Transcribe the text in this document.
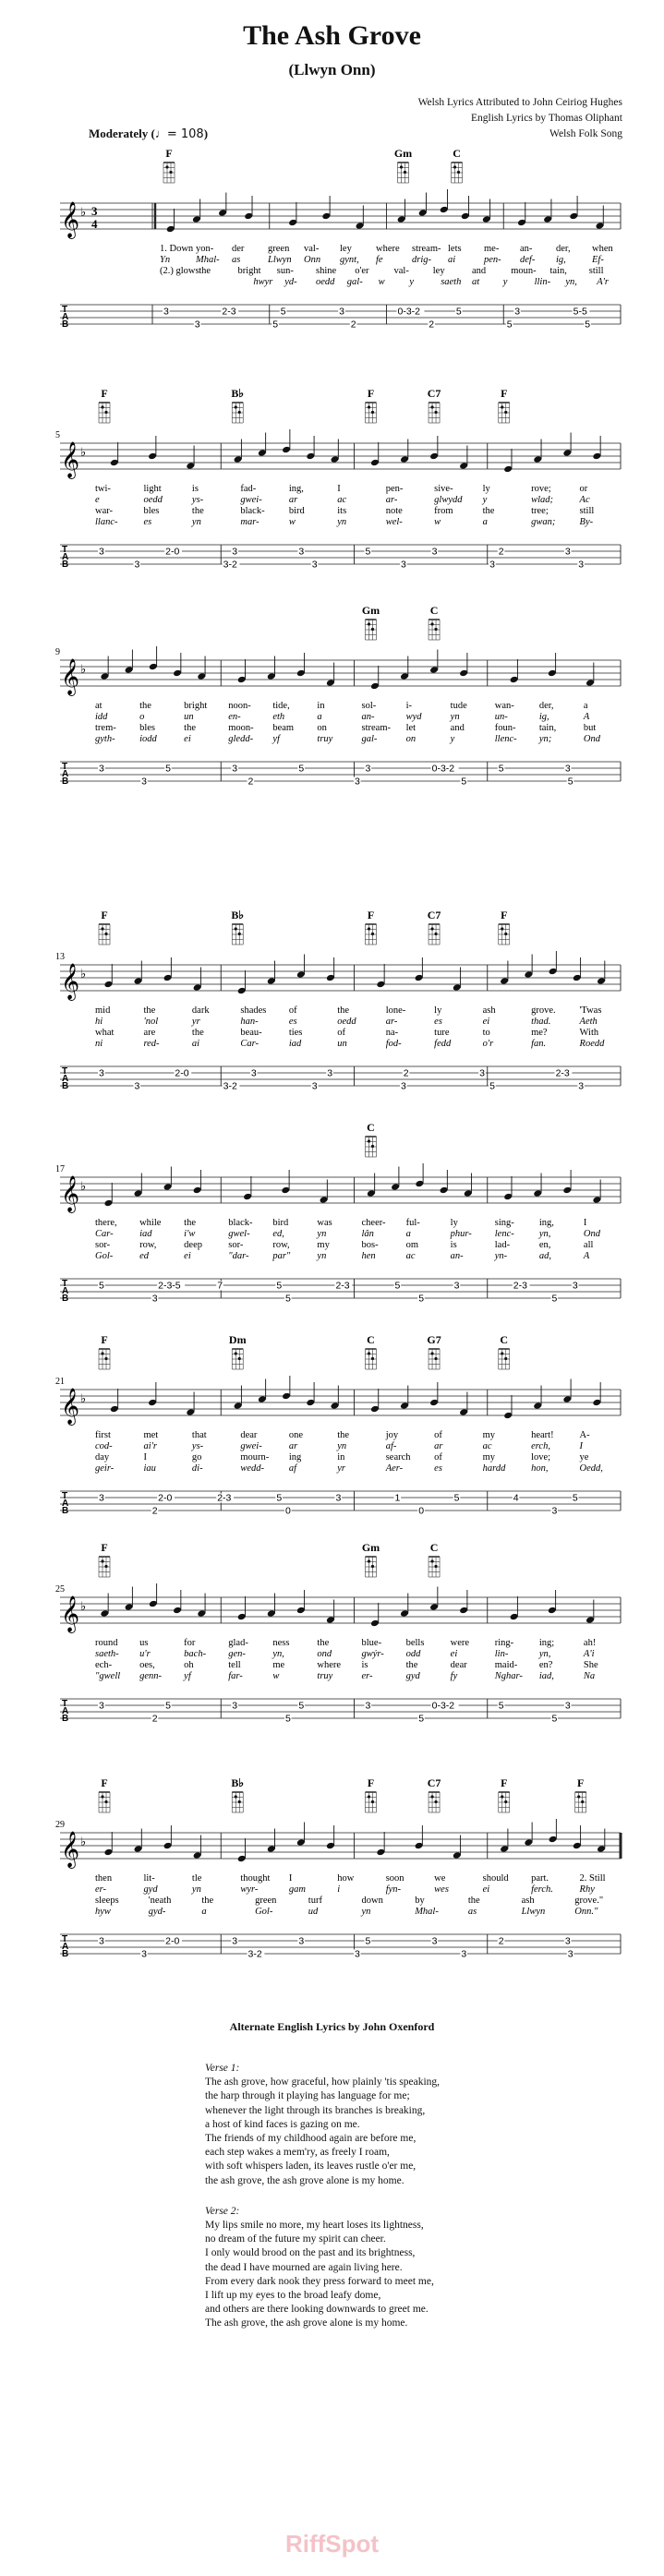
The Ash Grove
(Llwyn Onn)
Welsh Lyrics Attributed to John Ceiriog Hughes
English Lyrics by Thomas Oliphant
Welsh Folk Song
Moderately (♩= 108)
F	Gm	C
𝄞 ♭ 3
4
1. Down yon- der green val- ley where stream- lets me- an- der, when
Yn	Mhal- as	Llwyn Onn gynt, fe	drig- ai	pen- def- ig,	Ef-
(2.) glows the	bright sun- shine o'er	val- ley	and	moun- tain, still
hwyr yd- oedd gal- w	y	saeth at y	llin- yn, A'r
T
A
B
3	2-3	5	3	0-3-2	5	3	5-5
3	5	2	2	5	5
5
F	B♭	F	C7	F
𝄞 ♭
twi-	light	is	fad-	ing,	I	pen-	sive-	ly	rove;	or
e	oedd	ys-	gwei-	ar	ac	ar-	glwydd y	wlad;	Ac
war-	bles	the	black- bird	its	note	from	the	tree;	still
llanc-	es	yn	mar-	w	yn	wel-	w	a	gwan; By-
T
A
B
3	2-0	3	3	5	3	2	3
3	3-2	3	3	3	3
9
Gm	C
𝄞 ♭
at	the	bright noon- tide,	in	sol-	i-	tude	wan-	der,	a
idd	o	un	en-	eth	a	an-	wyd	yn	un-	ig,	A
trem- bles	the	moon- beam on	stream- let	and	foun- tain,	but
gyth-	iodd	ei	gledd- yf	truy	gal-	on	y	llenc- yn;	Ond
T
A
B
3	5	3	5	3	0-3-2	5	3
3	2	3	5	5
13
F	B♭	F	C7	F
𝄞 ♭
mid	the	dark	shades of	the	lone-	ly	ash	grove. 'Twas
hi	'nol	yr	han-	es	oedd	ar-	es	ei	thad.	Aeth
what	are	the	beau-	ties	of	na-	ture	to	me?	With
ni	red-	ai	Car-	iad	un	fod-	fedd	o'r	fan.	Roedd
T
A
B
3	2-0	3	3	2	3	2-3
3	3-2	3	3	5	3
17
C
𝄞 ♭
there, while the	black- bird	was	cheer- ful-	ly	sing-	ing,	I
Car-	iad	i'w	gwel- ed,	yn	lân	a	phur- lenc-	yn,	Ond
sor-	row,	deep	sor-	row,	my	bos-	om	is	lad-	en,	all
Gol-	ed	ei	"dar- par"	yn	hen	ac	an-	yn-	ad,	A
T
A
B
5	2-3-5	7	5	2-3	5	3	2-3	3
3	5	5	5
21
F	Dm	C	G7	C
𝄞 ♭
first	met	that	dear	one	the	joy	of	my	heart!	A-
cod-	ai'r	ys-	gwei-	ar	yn	af-	ar	ac	erch,	I
day	I	go	mourn- ing	in	search of	my	love;	ye
geir-	iau	di-	wedd-	af	yr	Aer-	es	hardd	hon,	Oedd,
T
A
B
3	2-0	2-3	5	3	1	5	4	5
2	0	0	3
25
F	Gm	C
𝄞 ♭
round us	for	glad-	ness	the	blue-	bells	were	ring-	ing;	ah!
saeth- u'r	bach- gen-	yn,	ond	gwýr- odd	ei	lin-	yn,	A'i
ech-	oes,	oh	tell	me	where is	the	dear	maid- en?	She
"gwell genn- yf	far-	w	truy	er-	gyd	fy	Nghar- iad,	Na
T
A
B
3	5	3	5	3	0-3-2	5	3
2	5	5	5
29
F	B♭	F	C7	F	F
𝄞 ♭
then	lit-	tle	thought I	how	soon	we	should part.	2. Still
er-	gyd	yn	wyr-	gam	i	fyn-	wes	ei	ferch.	Rhy
sleeps	'neath	the	green	turf	down	by	the	ash	grove."
hyw	gyd-	a	Gol-	ud	yn	Mhal-	as	Llwyn	Onn."
T
A
B
3	2-0	3	3	5	3	2	3
3	3-2	3	3	3
Alternate English Lyrics by John Oxenford
Verse 1:
The ash grove, how graceful, how plainly 'tis speaking,
the harp through it playing has language for me;
whenever the light through its branches is breaking,
a host of kind faces is gazing on me.
The friends of my childhood again are before me,
each step wakes a mem'ry, as freely I roam,
with soft whispers laden, its leaves rustle o'er me,
the ash grove, the ash grove alone is my home.
Verse 2:
My lips smile no more, my heart loses its lightness,
no dream of the future my spirit can cheer.
I only would brood on the past and its brightness,
the dead I have mourned are again living here.
From every dark nook they press forward to meet me,
I lift up my eyes to the broad leafy dome,
and others are there looking downwards to greet me.
The ash grove, the ash grove alone is my home.
RiffSpot
